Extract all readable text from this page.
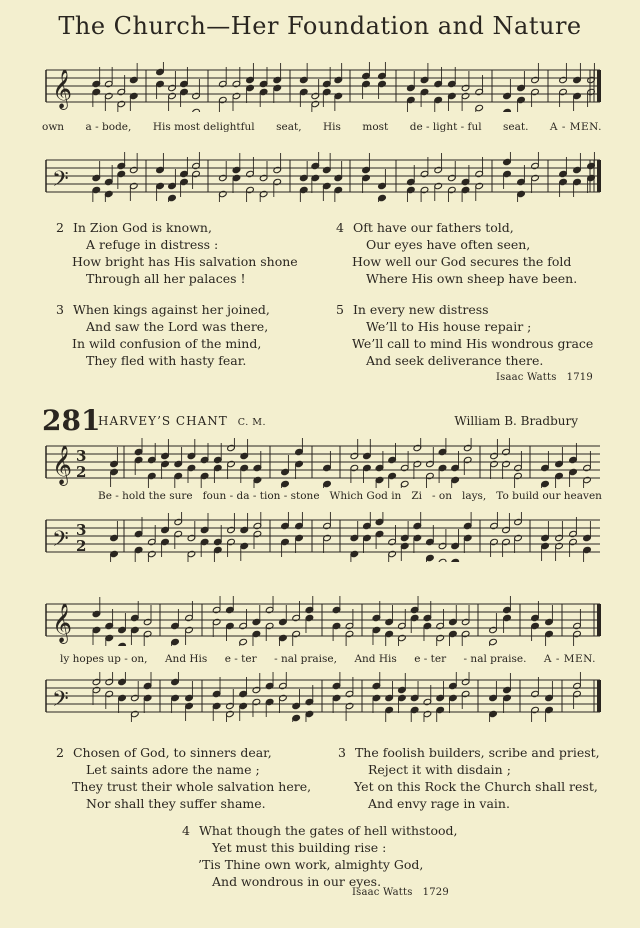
The Church—Her Foundation and Nature
𝄞
own a - bode, His most delightful seat, His most de - light - ful seat. A - MEN.
𝄢
2 In Zion God is known,
A refuge in distress :
How bright has His salvation shone
Through all her palaces !
3 When kings against her joined,
And saw the Lord was there,
In wild confusion of the mind,
They fled with hasty fear.
4 Oft have our fathers told,
Our eyes have often seen,
How well our God secures the fold
Where His own sheep have been.
5 In every new distress
We’ll to His house repair ;
We’ll call to mind His wondrous grace
And seek deliverance there.
Isaac Watts 1719
281
HARVEY’S CHANT C. M.	William B. Bradbury
𝄞 3
2
Be - hold the sure foun - da - tion - stone Which God in Zi - on lays, To build our heaven
𝄢 3
2
𝄞
ly hopes up - on, And His e - ter - nal praise, And His e - ter - nal praise. A - MEN.
𝄢
2 Chosen of God, to sinners dear,
Let saints adore the name ;
They trust their whole salvation here,
Nor shall they suffer shame.
3 The foolish builders, scribe and priest,
Reject it with disdain ;
Yet on this Rock the Church shall rest,
And envy rage in vain.
4 What though the gates of hell withstood,
Yet must this building rise :
’Tis Thine own work, almighty God,
And wondrous in our eyes.
Isaac Watts 1729
